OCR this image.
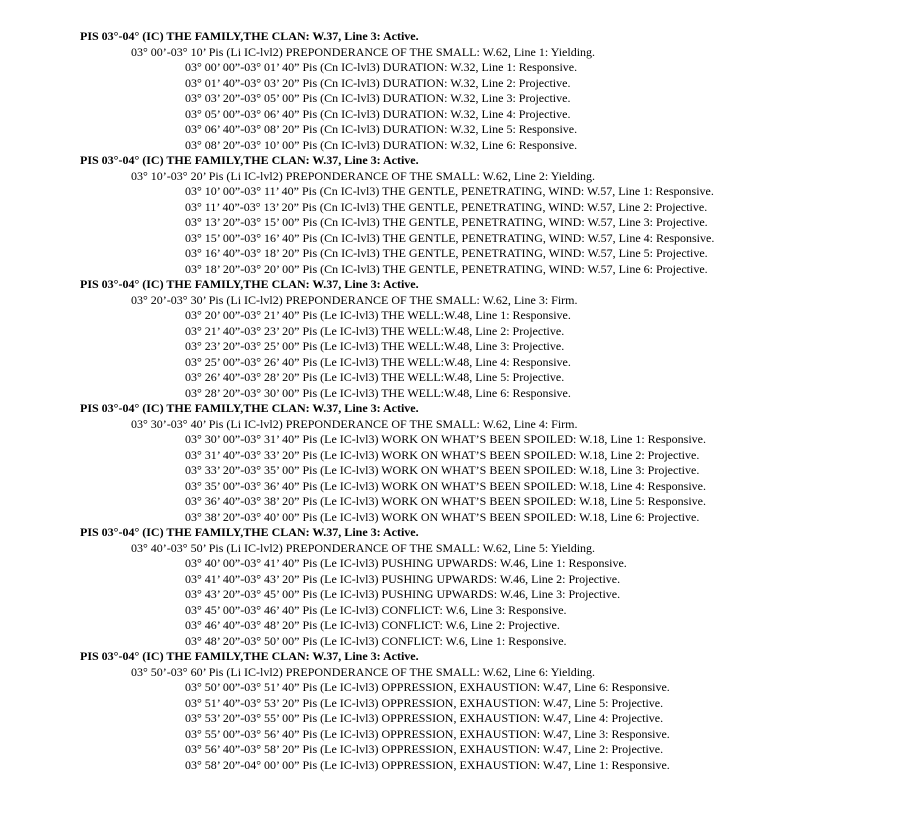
PIS 03°-04° (IC) THE FAMILY,THE CLAN: W.37, Line 3: Active.
03° 00’-03° 10’ Pis (Li IC-lvl2) PREPONDERANCE OF THE SMALL: W.62, Line 1: Yielding.
03° 00’ 00”-03° 01’ 40” Pis (Cn IC-lvl3) DURATION: W.32, Line 1: Responsive.
03° 01’ 40”-03° 03’ 20” Pis (Cn IC-lvl3) DURATION: W.32, Line 2: Projective.
03° 03’ 20”-03° 05’ 00” Pis (Cn IC-lvl3) DURATION: W.32, Line 3: Projective.
03° 05’ 00”-03° 06’ 40” Pis (Cn IC-lvl3) DURATION: W.32, Line 4: Projective.
03° 06’ 40”-03° 08’ 20” Pis (Cn IC-lvl3) DURATION: W.32, Line 5: Responsive.
03° 08’ 20”-03° 10’ 00” Pis (Cn IC-lvl3) DURATION: W.32, Line 6: Responsive.
PIS 03°-04° (IC) THE FAMILY,THE CLAN: W.37, Line 3: Active.
03° 10’-03° 20’ Pis (Li IC-lvl2) PREPONDERANCE OF THE SMALL: W.62, Line 2: Yielding.
03° 10’ 00”-03° 11’ 40” Pis (Cn IC-lvl3) THE GENTLE, PENETRATING, WIND: W.57, Line 1: Responsive.
03° 11’ 40”-03° 13’ 20” Pis (Cn IC-lvl3) THE GENTLE, PENETRATING, WIND: W.57, Line 2: Projective.
03° 13’ 20”-03° 15’ 00” Pis (Cn IC-lvl3) THE GENTLE, PENETRATING, WIND: W.57, Line 3: Projective.
03° 15’ 00”-03° 16’ 40” Pis (Cn IC-lvl3) THE GENTLE, PENETRATING, WIND: W.57, Line 4: Responsive.
03° 16’ 40”-03° 18’ 20” Pis (Cn IC-lvl3) THE GENTLE, PENETRATING, WIND: W.57, Line 5: Projective.
03° 18’ 20”-03° 20’ 00” Pis (Cn IC-lvl3) THE GENTLE, PENETRATING, WIND: W.57, Line 6: Projective.
PIS 03°-04° (IC) THE FAMILY,THE CLAN: W.37, Line 3: Active.
03° 20’-03° 30’ Pis (Li IC-lvl2) PREPONDERANCE OF THE SMALL: W.62, Line 3: Firm.
03° 20’ 00”-03° 21’ 40” Pis (Le IC-lvl3) THE WELL:W.48, Line 1: Responsive.
03° 21’ 40”-03° 23’ 20” Pis (Le IC-lvl3) THE WELL:W.48, Line 2: Projective.
03° 23’ 20”-03° 25’ 00” Pis (Le IC-lvl3) THE WELL:W.48, Line 3: Projective.
03° 25’ 00”-03° 26’ 40” Pis (Le IC-lvl3) THE WELL:W.48, Line 4: Responsive.
03° 26’ 40”-03° 28’ 20” Pis (Le IC-lvl3) THE WELL:W.48, Line 5: Projective.
03° 28’ 20”-03° 30’ 00” Pis (Le IC-lvl3) THE WELL:W.48, Line 6: Responsive.
PIS 03°-04° (IC) THE FAMILY,THE CLAN: W.37, Line 3: Active.
03° 30’-03° 40’ Pis (Li IC-lvl2) PREPONDERANCE OF THE SMALL: W.62, Line 4: Firm.
03° 30’ 00”-03° 31’ 40” Pis (Le IC-lvl3) WORK ON WHAT’S BEEN SPOILED: W.18, Line 1: Responsive.
03° 31’ 40”-03° 33’ 20” Pis (Le IC-lvl3) WORK ON WHAT’S BEEN SPOILED: W.18, Line 2: Projective.
03° 33’ 20”-03° 35’ 00” Pis (Le IC-lvl3) WORK ON WHAT’S BEEN SPOILED: W.18, Line 3: Projective.
03° 35’ 00”-03° 36’ 40” Pis (Le IC-lvl3) WORK ON WHAT’S BEEN SPOILED: W.18, Line 4: Responsive.
03° 36’ 40”-03° 38’ 20” Pis (Le IC-lvl3) WORK ON WHAT’S BEEN SPOILED: W.18, Line 5: Responsive.
03° 38’ 20”-03° 40’ 00” Pis (Le IC-lvl3) WORK ON WHAT’S BEEN SPOILED: W.18, Line 6: Projective.
PIS 03°-04° (IC) THE FAMILY,THE CLAN: W.37, Line 3: Active.
03° 40’-03° 50’ Pis (Li IC-lvl2) PREPONDERANCE OF THE SMALL: W.62, Line 5: Yielding.
03° 40’ 00”-03° 41’ 40” Pis (Le IC-lvl3) PUSHING UPWARDS: W.46, Line 1: Responsive.
03° 41’ 40”-03° 43’ 20” Pis (Le IC-lvl3) PUSHING UPWARDS: W.46, Line 2: Projective.
03° 43’ 20”-03° 45’ 00” Pis (Le IC-lvl3) PUSHING UPWARDS: W.46, Line 3: Projective.
03° 45’ 00”-03° 46’ 40” Pis (Le IC-lvl3) CONFLICT: W.6, Line 3: Responsive.
03° 46’ 40”-03° 48’ 20” Pis (Le IC-lvl3) CONFLICT: W.6, Line 2: Projective.
03° 48’ 20”-03° 50’ 00” Pis (Le IC-lvl3) CONFLICT: W.6, Line 1: Responsive.
PIS 03°-04° (IC) THE FAMILY,THE CLAN: W.37, Line 3: Active.
03° 50’-03° 60’ Pis (Li IC-lvl2) PREPONDERANCE OF THE SMALL: W.62, Line 6: Yielding.
03° 50’ 00”-03° 51’ 40” Pis (Le IC-lvl3) OPPRESSION, EXHAUSTION: W.47, Line 6: Responsive.
03° 51’ 40”-03° 53’ 20” Pis (Le IC-lvl3) OPPRESSION, EXHAUSTION: W.47, Line 5: Projective.
03° 53’ 20”-03° 55’ 00” Pis (Le IC-lvl3) OPPRESSION, EXHAUSTION: W.47, Line 4: Projective.
03° 55’ 00”-03° 56’ 40” Pis (Le IC-lvl3) OPPRESSION, EXHAUSTION: W.47, Line 3: Responsive.
03° 56’ 40”-03° 58’ 20” Pis (Le IC-lvl3) OPPRESSION, EXHAUSTION: W.47, Line 2: Projective.
03° 58’ 20”-04° 00’ 00” Pis (Le IC-lvl3) OPPRESSION, EXHAUSTION: W.47, Line 1: Responsive.
